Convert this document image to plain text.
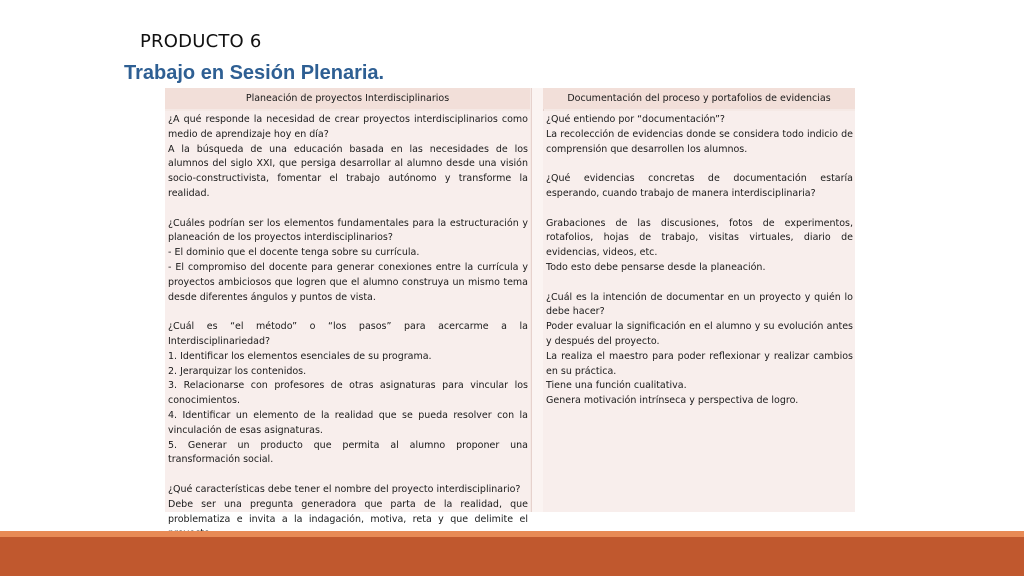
PRODUCTO 6
Trabajo en Sesión Plenaria.
Planeación de proyectos Interdisciplinarios	Documentación del proceso y portafolios de evidencias

¿A qué responde la necesidad de crear proyectos interdisciplinarios como medio de aprendizaje hoy en día?

A la búsqueda de una educación basada en las necesidades de los alumnos del siglo XXI, que persiga desarrollar al alumno desde una visión socio-constructivista, fomentar el trabajo autónomo y transforme la realidad.

¿Cuáles podrían ser los elementos fundamentales para la estructuración y planeación de los proyectos interdisciplinarios?

- El dominio que el docente tenga sobre su currícula.

- El compromiso del docente para generar conexiones entre la currícula y proyectos ambiciosos que logren que el alumno construya un mismo tema desde diferentes ángulos y puntos de vista.

¿Cuál es “el método” o “los pasos” para acercarme a la Interdisciplinariedad?

1. Identificar los elementos esenciales de su programa.

2. Jerarquizar los contenidos.

3. Relacionarse con profesores de otras asignaturas para vincular los conocimientos.

4. Identificar un elemento de la realidad que se pueda resolver con la vinculación de esas asignaturas.

5. Generar un producto que permita al alumno proponer una transformación social.

¿Qué características debe tener el nombre del proyecto interdisciplinario?

Debe ser una pregunta generadora que parta de la realidad, que problematiza e invita a la indagación, motiva, reta y que delimite el

¿Qué entiendo por “documentación”?

La recolección de evidencias donde se considera todo indicio de comprensión que desarrollen los alumnos.

¿Qué evidencias concretas de documentación estaría esperando, cuando trabajo de manera interdisciplinaria?

Grabaciones de las discusiones, fotos de experimentos, rotafolios, hojas de trabajo, visitas virtuales, diario de evidencias, videos, etc.

Todo esto debe pensarse desde la planeación.

¿Cuál es la intención de documentar en un proyecto y quién lo debe hacer?

Poder evaluar la significación en el alumno y su evolución antes y después del proyecto.

La realiza el maestro para poder reflexionar y realizar cambios en su práctica.

Tiene una función cualitativa.

Genera motivación intrínseca y perspectiva de logro.
